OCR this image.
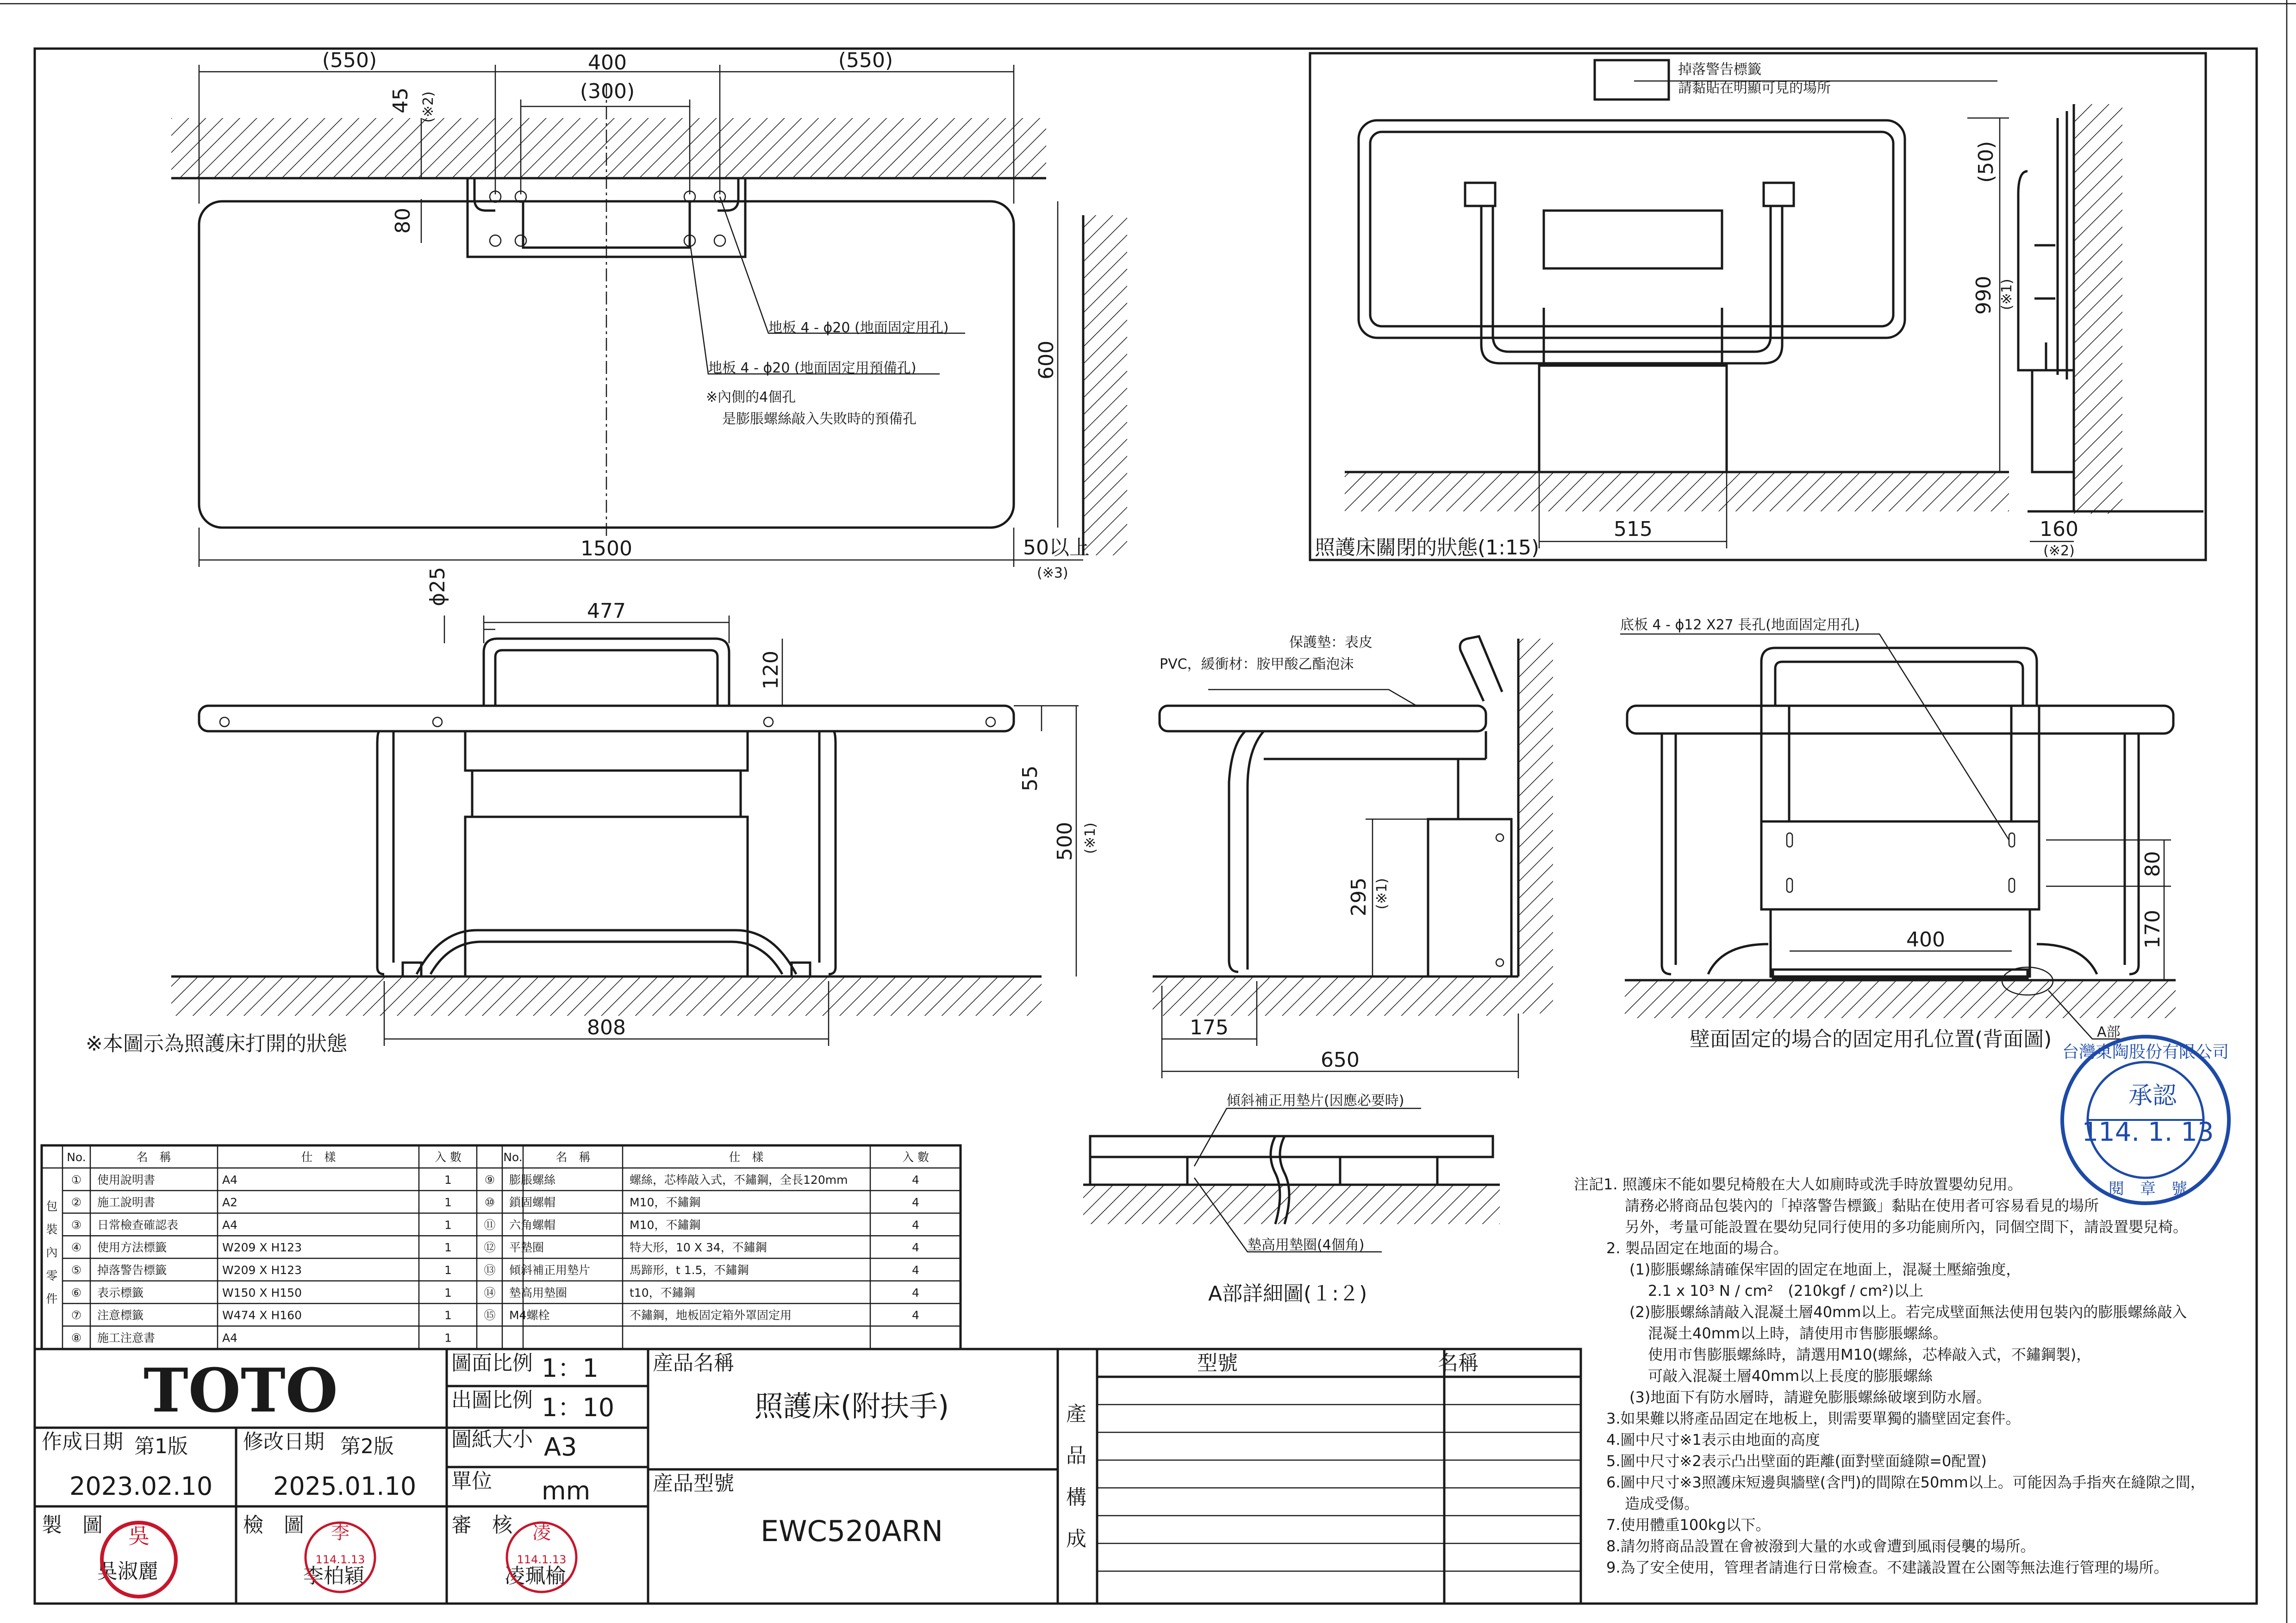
(550)	400
(300)
(550)
45 (※2)
80
1500
600
50以上
(※3)
地板 4 - ϕ20 (地面固定用孔)
地板 4 - ϕ20 (地面固定用預備孔)
※內側的4個孔
是膨脹螺絲敲入失敗時的預備孔
掉落警告標籤
請黏貼在明顯可見的場所
(50)
990 (※1)
515	160
(※2)
照護床關閉的狀態(1:15)
477
ϕ25
120
55
500 (※1)
808
※本圖示為照護床打開的狀態
保護墊：表皮
PVC，緩衝材：胺甲酸乙酯泡沫
295 (※1)
175
650
底板 4 - ϕ12 X27 長孔(地面固定用孔)
80
170
400
A部
壁面固定的場合的固定用孔位置(背面圖)
傾斜補正用墊片(因應必要時)
墊高用墊圈(4個角)
A部詳細圖(１:２)
包
裝
內
零
件
No.	名　稱	仕　樣	入 數	No.	名　稱	仕　樣	入 數
① 使用說明書	A4	1
② 施工說明書	A2	1
③ 日常檢查確認表	A4	1
④ 使用方法標籤	W209 X H123	1
⑤ 掉落警告標籤	W209 X H123	1
⑥ 表示標籤	W150 X H150	1
⑦ 注意標籤	W474 X H160	1
⑧ 施工注意書	A4	1
⑨ 膨脹螺絲	螺絲，芯棒敲入式，不鏽鋼，全長120mm	4
⑩ 鎖固螺帽	M10，不鏽鋼	4
⑪ 六角螺帽	M10，不鏽鋼	4
⑫ 平墊圈	特大形，10 X 34，不鏽鋼	4
⑬ 傾斜補正用墊片	馬蹄形，t 1.5，不鏽鋼	4
⑭ 墊高用墊圈	t10，不鏽鋼	4
⑮ M4螺栓	不鏽鋼，地板固定箱外罩固定用	4
注記1. 照護床不能如嬰兒椅般在大人如廁時或洗手時放置嬰幼兒用。
請務必將商品包裝內的「掉落警告標籤」黏貼在使用者可容易看見的場所
另外，考量可能設置在嬰幼兒同行使用的多功能廁所內，同個空間下，請設置嬰兒椅。
2. 製品固定在地面的場合。
(1)膨脹螺絲請確保牢固的固定在地面上，混凝土壓縮強度，
2.1 x 10³ N / cm²　(210kgf / cm²)以上
(2)膨脹螺絲請敲入混凝土層40mm以上。若完成壁面無法使用包裝內的膨脹螺絲敲入
混凝土40mm以上時，請使用市售膨脹螺絲。
使用市售膨脹螺絲時，請選用M10(螺絲，芯棒敲入式，不鏽鋼製)，
可敲入混凝土層40mm以上長度的膨脹螺絲
(3)地面下有防水層時，請避免膨脹螺絲破壞到防水層。
3.如果難以將產品固定在地板上，則需要單獨的牆壁固定套件。
4.圖中尺寸※1表示由地面的高度
5.圖中尺寸※2表示凸出壁面的距離(面對壁面縫隙=0配置)
6.圖中尺寸※3照護床短邊與牆壁(含門)的間隙在50mm以上。可能因為手指夾在縫隙之間，
造成受傷。
7.使用體重100kg以下。
8.請勿將商品設置在會被潑到大量的水或會遭到風雨侵襲的場所。
9.為了安全使用，管理者請進行日常檢查。不建議設置在公園等無法進行管理的場所。
TOTO
作成日期 第1版
2023.02.10
修改日期 第2版
2025.01.10
圖面比例 1：1
出圖比例 1：10
圖紙大小 A3
單位 mm
産品名稱
照護床(附扶手)
産品型號
EWC520ARN
產
品
構
成
型號	名稱
製　圖
吳淑麗
檢　圖
李柏穎
審　核
凌珮榆
台灣東陶股份有限公司
承認
114. 1. 13
閱　章　號
吳	李
114.1.13
凌
114.1.13
